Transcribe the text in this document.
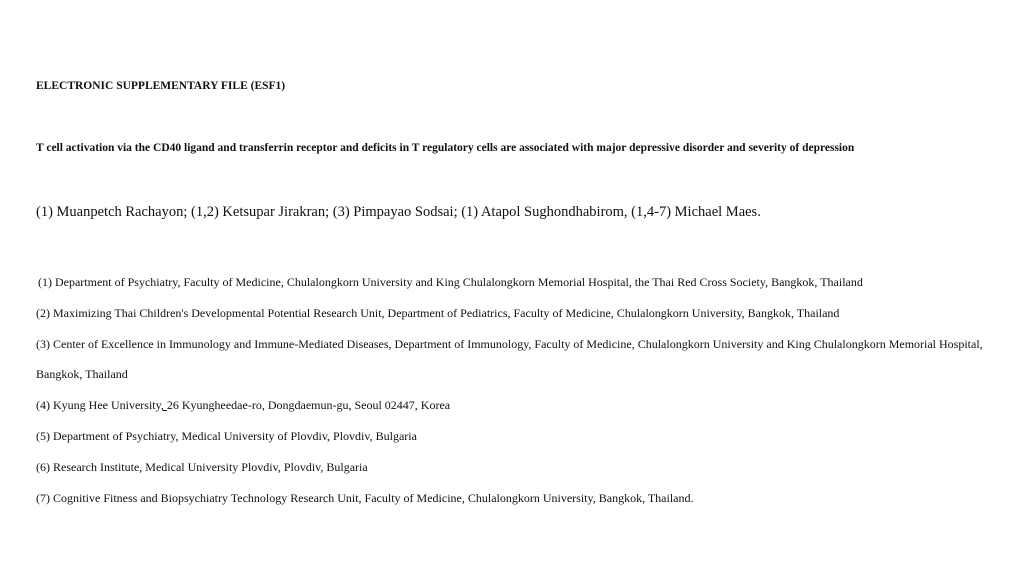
ELECTRONIC SUPPLEMENTARY FILE (ESF1)
T cell activation via the CD40 ligand and transferrin receptor and deficits in T regulatory cells are associated with major depressive disorder and severity of depression
(1) Muanpetch Rachayon; (1,2) Ketsupar Jirakran; (3) Pimpayao Sodsai; (1) Atapol Sughondhabirom, (1,4-7) Michael Maes.

(1) Department of Psychiatry, Faculty of Medicine, Chulalongkorn University and King Chulalongkorn Memorial Hospital, the Thai Red Cross Society, Bangkok, Thailand

(2) Maximizing Thai Children's Developmental Potential Research Unit, Department of Pediatrics, Faculty of Medicine, Chulalongkorn University, Bangkok, Thailand

(3) Center of Excellence in Immunology and Immune-Mediated Diseases, Department of Immunology, Faculty of Medicine, Chulalongkorn University and King Chulalongkorn Memorial Hospital, Bangkok, Thailand

(4) Kyung Hee University, 26 Kyungheedae-ro, Dongdaemun-gu, Seoul 02447, Korea

(5) Department of Psychiatry, Medical University of Plovdiv, Plovdiv, Bulgaria

(6) Research Institute, Medical University Plovdiv, Plovdiv, Bulgaria

(7) Cognitive Fitness and Biopsychiatry Technology Research Unit, Faculty of Medicine, Chulalongkorn University, Bangkok, Thailand.
